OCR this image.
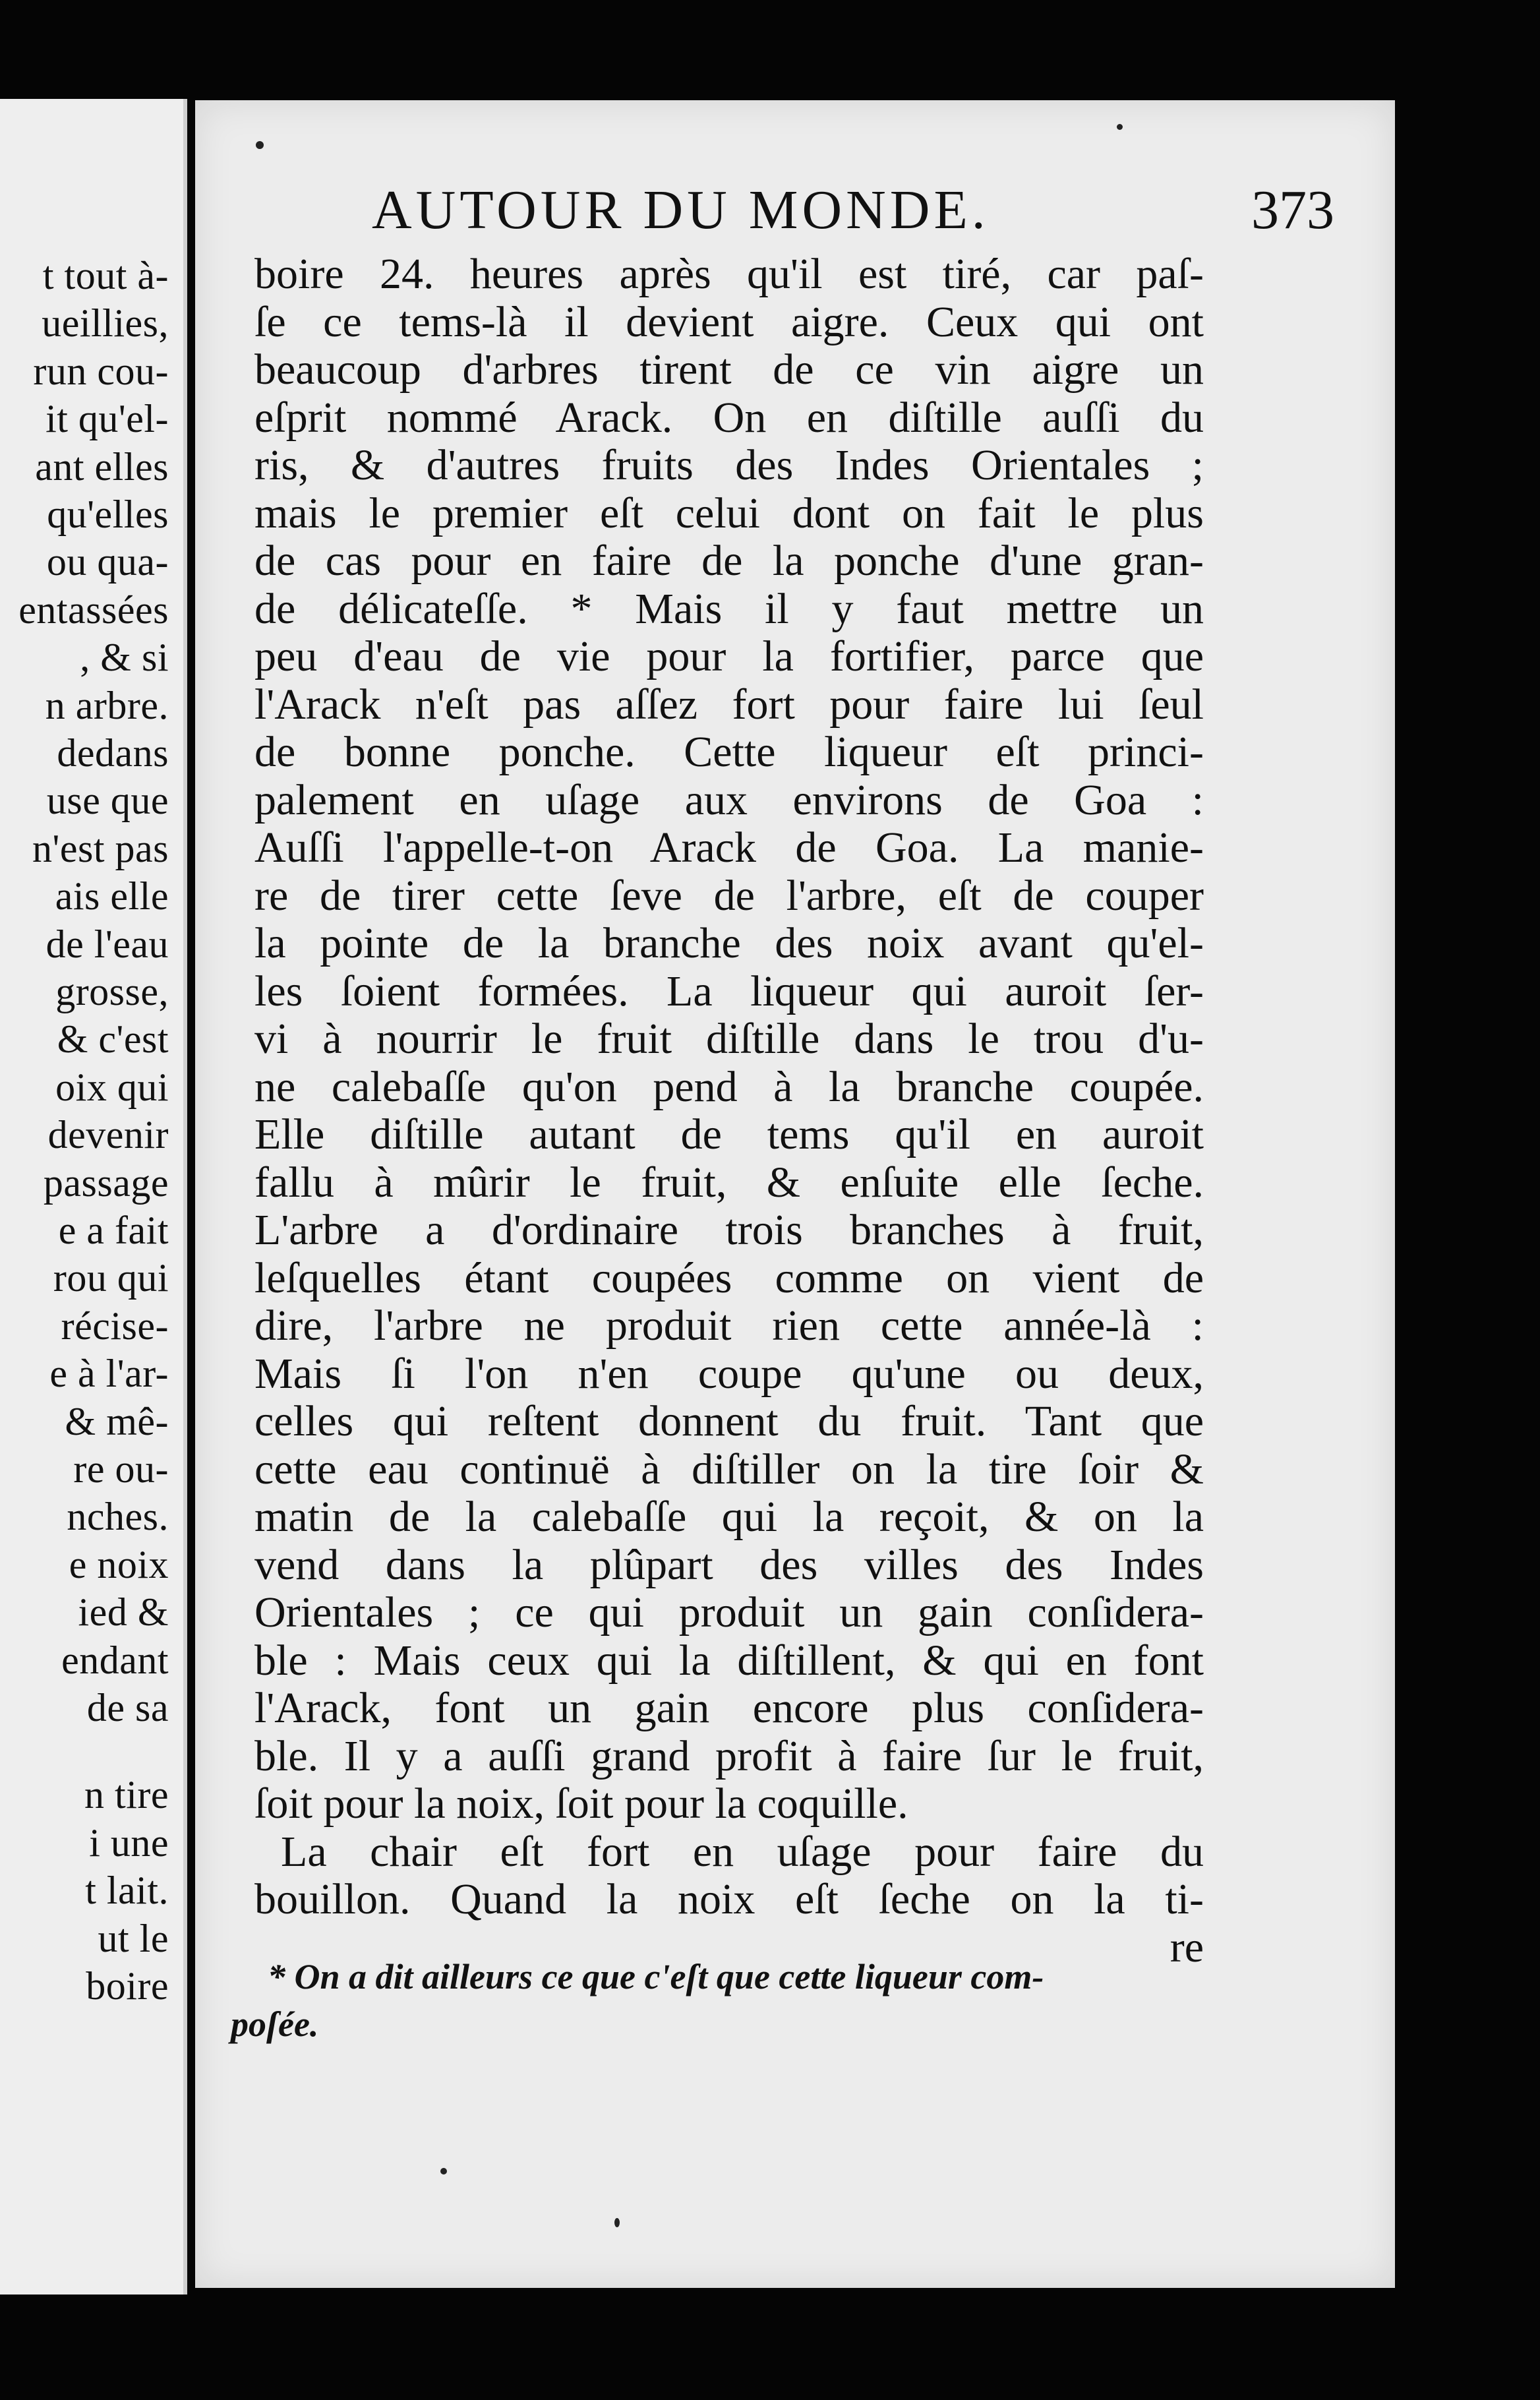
t tout à-
ueillies,
run cou-
it qu'el-
ant elles
qu'elles
ou qua-
entassées
, & si
n arbre.
dedans
use que
n'est pas
ais elle
de l'eau
grosse,
& c'est
oix qui
devenir
passage
e a fait
rou qui
récise-
e à l'ar-
& mê-
re ou-
nches.
e noix
ied &
endant
de sa
n tire
i une
t lait.
ut le
boire
AUTOUR DU MONDE.	373
boire 24. heures après qu'il est tiré, car paſ-
ſe ce tems-là il devient aigre. Ceux qui ont
beaucoup d'arbres tirent de ce vin aigre un
eſprit nommé Arack. On en diſtille auſſi du
ris, & d'autres fruits des Indes Orientales ;
mais le premier eſt celui dont on fait le plus
de cas pour en faire de la ponche d'une gran-
de délicateſſe. * Mais il y faut mettre un
peu d'eau de vie pour la fortifier, parce que
l'Arack n'eſt pas aſſez fort pour faire lui ſeul
de bonne ponche. Cette liqueur eſt princi-
palement en uſage aux environs de Goa :
Auſſi l'appelle-t-on Arack de Goa. La manie-
re de tirer cette ſeve de l'arbre, eſt de couper
la pointe de la branche des noix avant qu'el-
les ſoient formées. La liqueur qui auroit ſer-
vi à nourrir le fruit diſtille dans le trou d'u-
ne calebaſſe qu'on pend à la branche coupée.
Elle diſtille autant de tems qu'il en auroit
fallu à mûrir le fruit, & enſuite elle ſeche.
L'arbre a d'ordinaire trois branches à fruit,
leſquelles étant coupées comme on vient de
dire, l'arbre ne produit rien cette année-là :
Mais ſi l'on n'en coupe qu'une ou deux,
celles qui reſtent donnent du fruit. Tant que
cette eau continuë à diſtiller on la tire ſoir &
matin de la calebaſſe qui la reçoit, & on la
vend dans la plûpart des villes des Indes
Orientales ; ce qui produit un gain conſidera-
ble : Mais ceux qui la diſtillent, & qui en font
l'Arack, font un gain encore plus conſidera-
ble. Il y a auſſi grand profit à faire ſur le fruit,
ſoit pour la noix, ſoit pour la coquille.
La chair eſt fort en uſage pour faire du
bouillon. Quand la noix eſt ſeche on la ti-
re
* On a dit ailleurs ce que c'eſt que cette liqueur com-
poſée.
